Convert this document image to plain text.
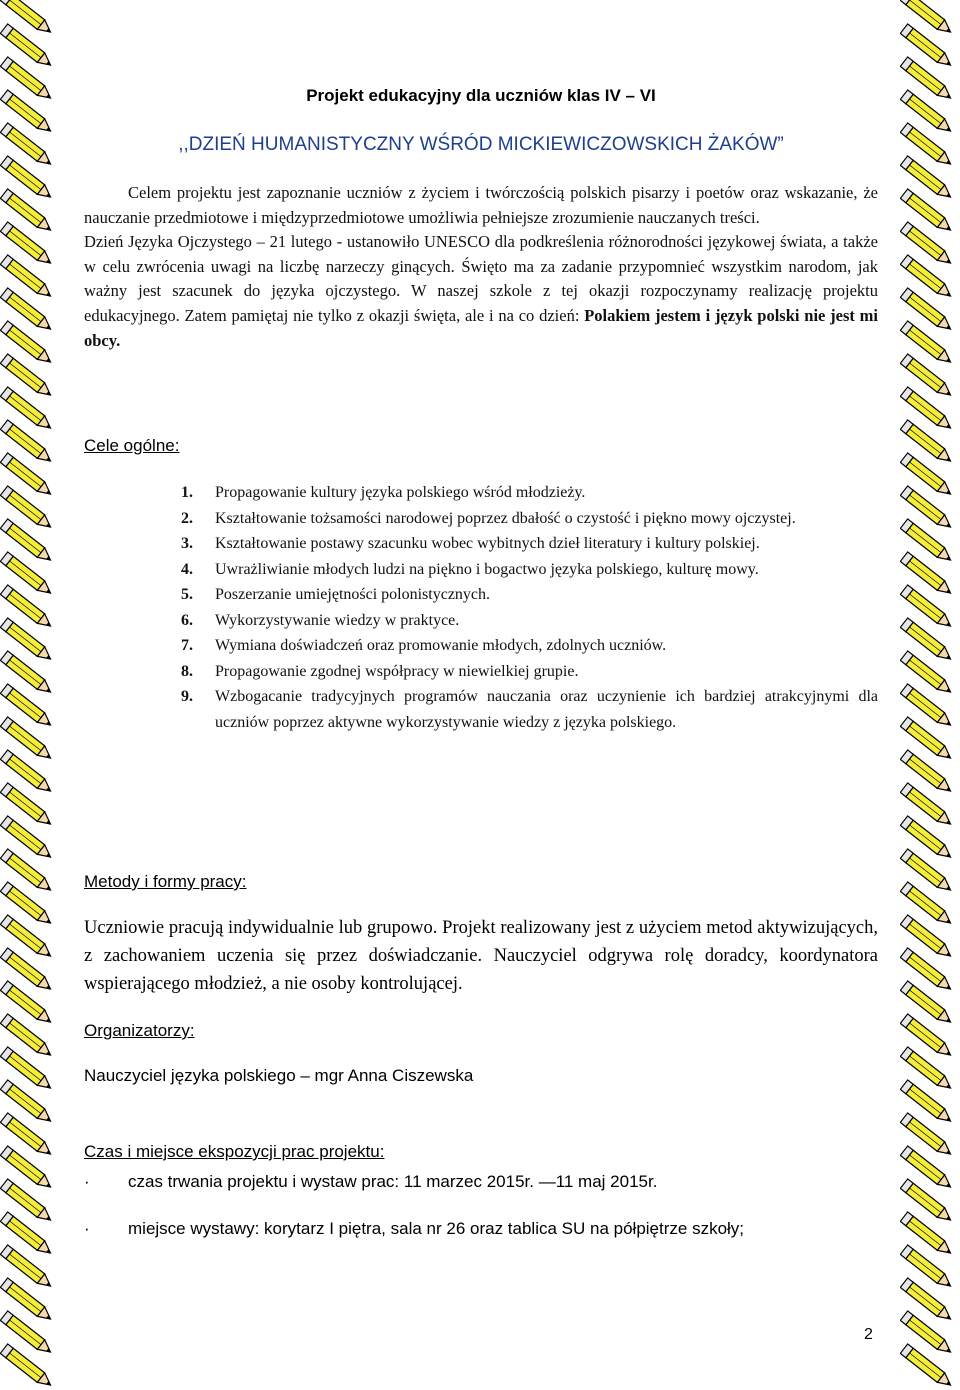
Projekt edukacyjny dla uczniów klas IV – VI
,,DZIEŃ HUMANISTYCZNY WŚRÓD MICKIEWICZOWSKICH ŻAKÓW”

Celem projektu jest zapoznanie uczniów z życiem i twórczością polskich pisarzy i poetów oraz wskazanie, że nauczanie przedmiotowe i międzyprzedmiotowe umożliwia pełniejsze zrozumienie nauczanych treści.

Dzień Języka Ojczystego – 21 lutego - ustanowiło UNESCO dla podkreślenia różnorodności językowej świata, a także w celu zwrócenia uwagi na liczbę narzeczy ginących. Święto ma za zadanie przypomnieć wszystkim narodom, jak ważny jest szacunek do języka ojczystego. W naszej szkole z tej okazji rozpoczynamy realizację projektu edukacyjnego. Zatem pamiętaj nie tylko z okazji święta, ale i na co dzień: Polakiem jestem i język polski nie jest mi obcy.

Cele ogólne:
1. Propagowanie kultury języka polskiego wśród młodzieży.
2. Kształtowanie tożsamości narodowej poprzez dbałość o czystość i piękno mowy ojczystej.
3. Kształtowanie postawy szacunku wobec wybitnych dzieł literatury i kultury polskiej.
4. Uwrażliwianie młodych ludzi na piękno i bogactwo języka polskiego, kulturę mowy.
5. Poszerzanie umiejętności polonistycznych.
6. Wykorzystywanie wiedzy w praktyce.
7. Wymiana doświadczeń oraz promowanie młodych, zdolnych uczniów.
8. Propagowanie zgodnej współpracy w niewielkiej grupie.
9. Wzbogacanie tradycyjnych programów nauczania oraz uczynienie ich bardziej atrakcyjnymi dla uczniów poprzez aktywne wykorzystywanie wiedzy z języka polskiego.
Metody i formy pracy:
Uczniowie pracują indywidualnie lub grupowo. Projekt realizowany jest z użyciem metod aktywizujących, z zachowaniem uczenia się przez doświadczanie. Nauczyciel odgrywa rolę doradcy, koordynatora wspierającego młodzież, a nie osoby kontrolującej.
Organizatorzy:
Nauczyciel języka polskiego – mgr Anna Ciszewska
Czas i miejsce ekspozycji prac projektu:
· czas trwania projektu i wystaw prac: 11 marzec 2015r. —11 maj 2015r.
· miejsce wystawy: korytarz I piętra, sala nr 26 oraz tablica SU na półpiętrze szkoły;
2
